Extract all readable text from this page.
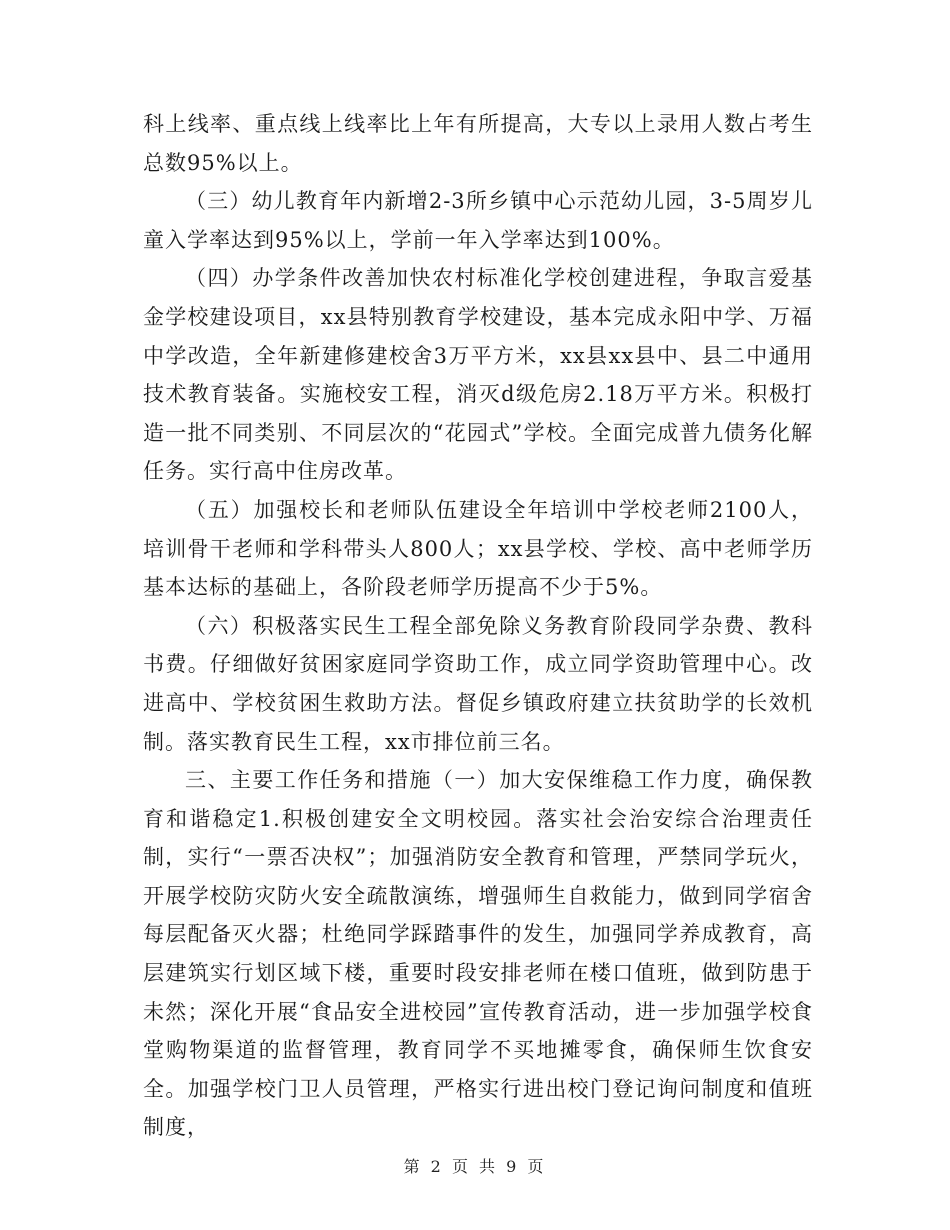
科上线率、重点线上线率比上年有所提高，大专以上录用人数占考生总数95%以上。

（三）幼儿教育年内新增2-3所乡镇中心示范幼儿园，3-5周岁儿童入学率达到95%以上，学前一年入学率达到100%。

（四）办学条件改善加快农村标准化学校创建进程，争取言爱基金学校建设项目，xx县特别教育学校建设，基本完成永阳中学、万福中学改造，全年新建修建校舍3万平方米，xx县xx县中、县二中通用技术教育装备。实施校安工程，消灭d级危房2.18万平方米。积极打造一批不同类别、不同层次的“花园式”学校。全面完成普九债务化解任务。实行高中住房改革。

（五）加强校长和老师队伍建设全年培训中学校老师2100人，培训骨干老师和学科带头人800人；xx县学校、学校、高中老师学历基本达标的基础上，各阶段老师学历提高不少于5%。

（六）积极落实民生工程全部免除义务教育阶段同学杂费、教科书费。仔细做好贫困家庭同学资助工作，成立同学资助管理中心。改进高中、学校贫困生救助方法。督促乡镇政府建立扶贫助学的长效机制。落实教育民生工程，xx市排位前三名。

三、主要工作任务和措施（一）加大安保维稳工作力度，确保教育和谐稳定1.积极创建安全文明校园。落实社会治安综合治理责任制，实行“一票否决权”；加强消防安全教育和管理，严禁同学玩火，开展学校防灾防火安全疏散演练，增强师生自救能力，做到同学宿舍每层配备灭火器；杜绝同学踩踏事件的发生，加强同学养成教育，高层建筑实行划区域下楼，重要时段安排老师在楼口值班，做到防患于未然；深化开展“食品安全进校园”宣传教育活动，进一步加强学校食堂购物渠道的监督管理，教育同学不买地摊零食，确保师生饮食安全。加强学校门卫人员管理，严格实行进出校门登记询问制度和值班制度，

第 2 页 共 9 页
